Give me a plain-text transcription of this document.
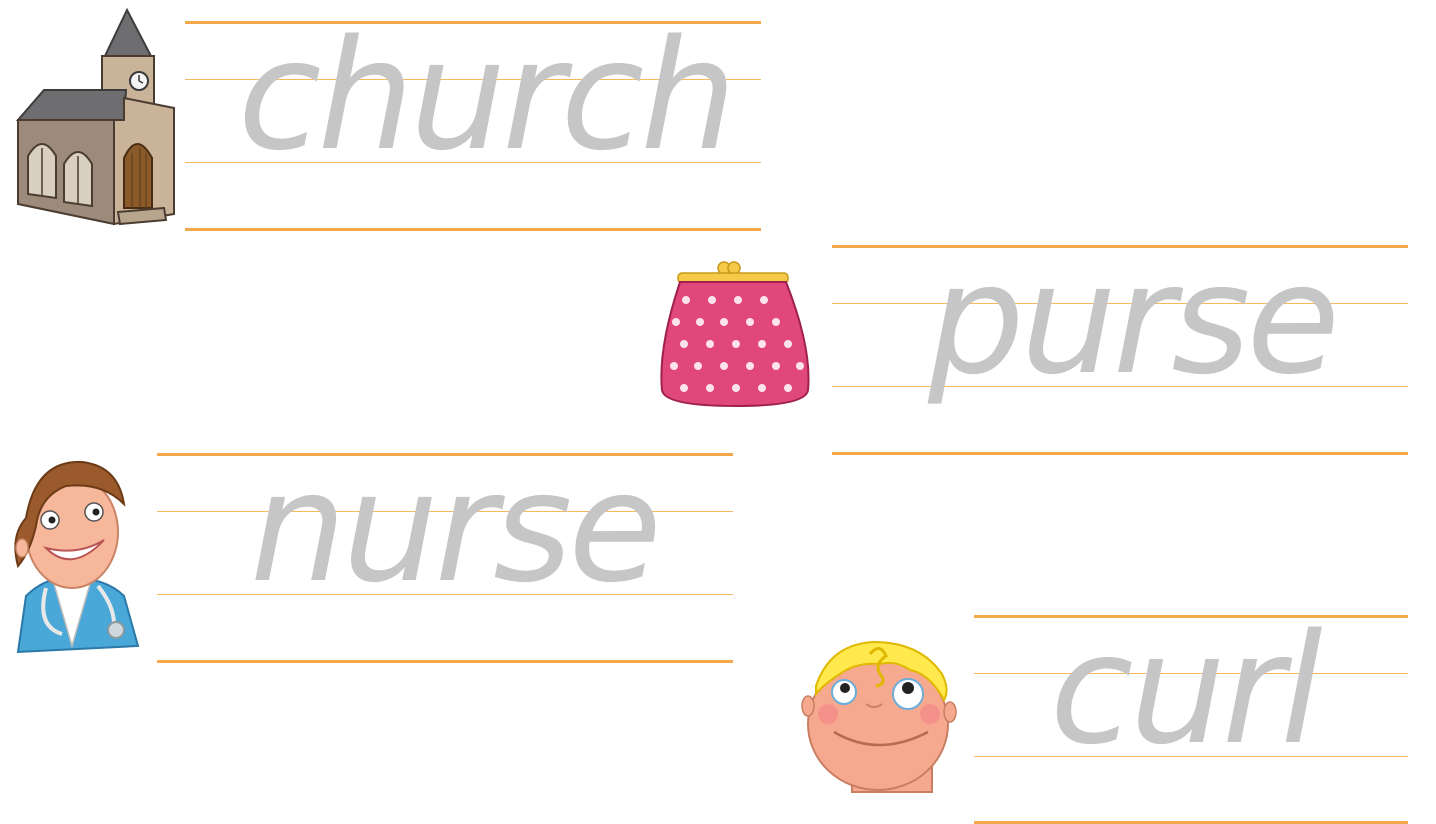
church
purse
nurse
curl
